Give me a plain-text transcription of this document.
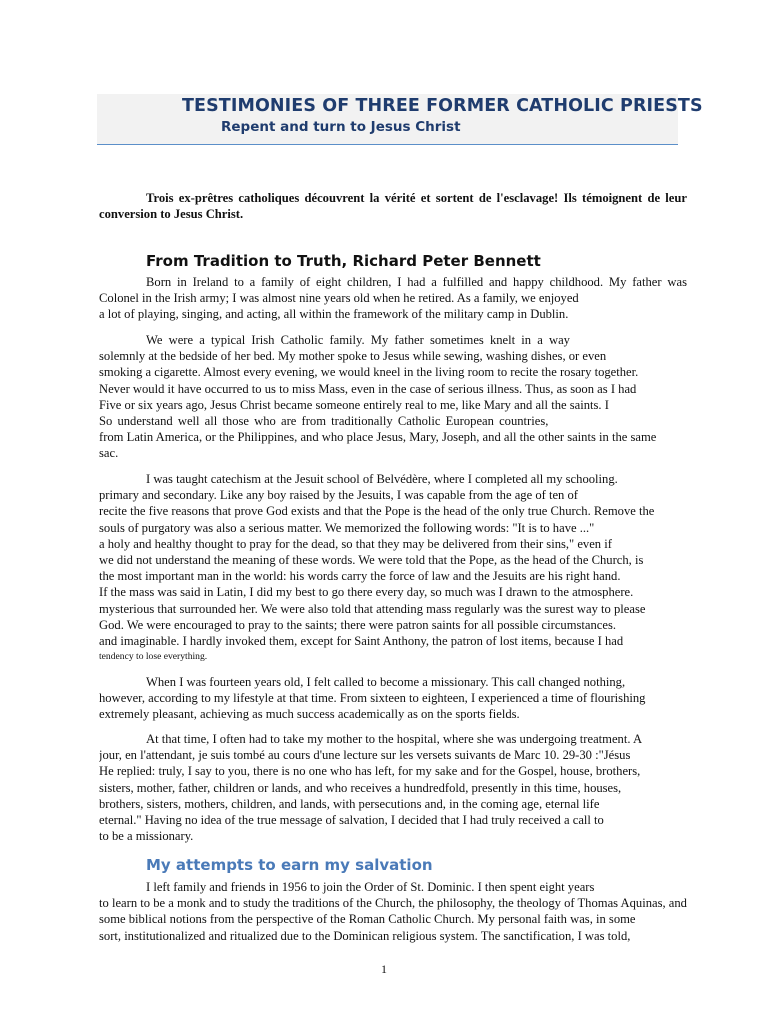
TESTIMONIES OF THREE FORMER CATHOLIC PRIESTS
Repent and turn to Jesus Christ
Trois ex-prêtres catholiques découvrent la vérité et sortent de l'esclavage! Ils témoignent de leur
conversion to Jesus Christ.
From Tradition to Truth, Richard Peter Bennett
Born in Ireland to a family of eight children, I had a fulfilled and happy childhood. My father was
Colonel in the Irish army; I was almost nine years old when he retired. As a family, we enjoyed
a lot of playing, singing, and acting, all within the framework of the military camp in Dublin.
We were a typical Irish Catholic family. My father sometimes knelt in a way
solemnly at the bedside of her bed. My mother spoke to Jesus while sewing, washing dishes, or even
smoking a cigarette. Almost every evening, we would kneel in the living room to recite the rosary together.
Never would it have occurred to us to miss Mass, even in the case of serious illness. Thus, as soon as I had
Five or six years ago, Jesus Christ became someone entirely real to me, like Mary and all the saints. I
So understand well all those who are from traditionally Catholic European countries,
from Latin America, or the Philippines, and who place Jesus, Mary, Joseph, and all the other saints in the same
sac.
I was taught catechism at the Jesuit school of Belvédère, where I completed all my schooling.
primary and secondary. Like any boy raised by the Jesuits, I was capable from the age of ten of
recite the five reasons that prove God exists and that the Pope is the head of the only true Church. Remove the
souls of purgatory was also a serious matter. We memorized the following words: "It is to have ..."
a holy and healthy thought to pray for the dead, so that they may be delivered from their sins," even if
we did not understand the meaning of these words. We were told that the Pope, as the head of the Church, is
the most important man in the world: his words carry the force of law and the Jesuits are his right hand.
If the mass was said in Latin, I did my best to go there every day, so much was I drawn to the atmosphere.
mysterious that surrounded her. We were also told that attending mass regularly was the surest way to please
God. We were encouraged to pray to the saints; there were patron saints for all possible circumstances.
and imaginable. I hardly invoked them, except for Saint Anthony, the patron of lost items, because I had
tendency to lose everything.
When I was fourteen years old, I felt called to become a missionary. This call changed nothing,
however, according to my lifestyle at that time. From sixteen to eighteen, I experienced a time of flourishing
extremely pleasant, achieving as much success academically as on the sports fields.
At that time, I often had to take my mother to the hospital, where she was undergoing treatment. A
jour, en l'attendant, je suis tombé au cours d'une lecture sur les versets suivants de Marc 10. 29-30 :"Jésus
He replied: truly, I say to you, there is no one who has left, for my sake and for the Gospel, house, brothers,
sisters, mother, father, children or lands, and who receives a hundredfold, presently in this time, houses,
brothers, sisters, mothers, children, and lands, with persecutions and, in the coming age, eternal life
eternal." Having no idea of the true message of salvation, I decided that I had truly received a call to
to be a missionary.
My attempts to earn my salvation
I left family and friends in 1956 to join the Order of St. Dominic. I then spent eight years
to learn to be a monk and to study the traditions of the Church, the philosophy, the theology of Thomas Aquinas, and
some biblical notions from the perspective of the Roman Catholic Church. My personal faith was, in some
sort, institutionalized and ritualized due to the Dominican religious system. The sanctification, I was told,

1
